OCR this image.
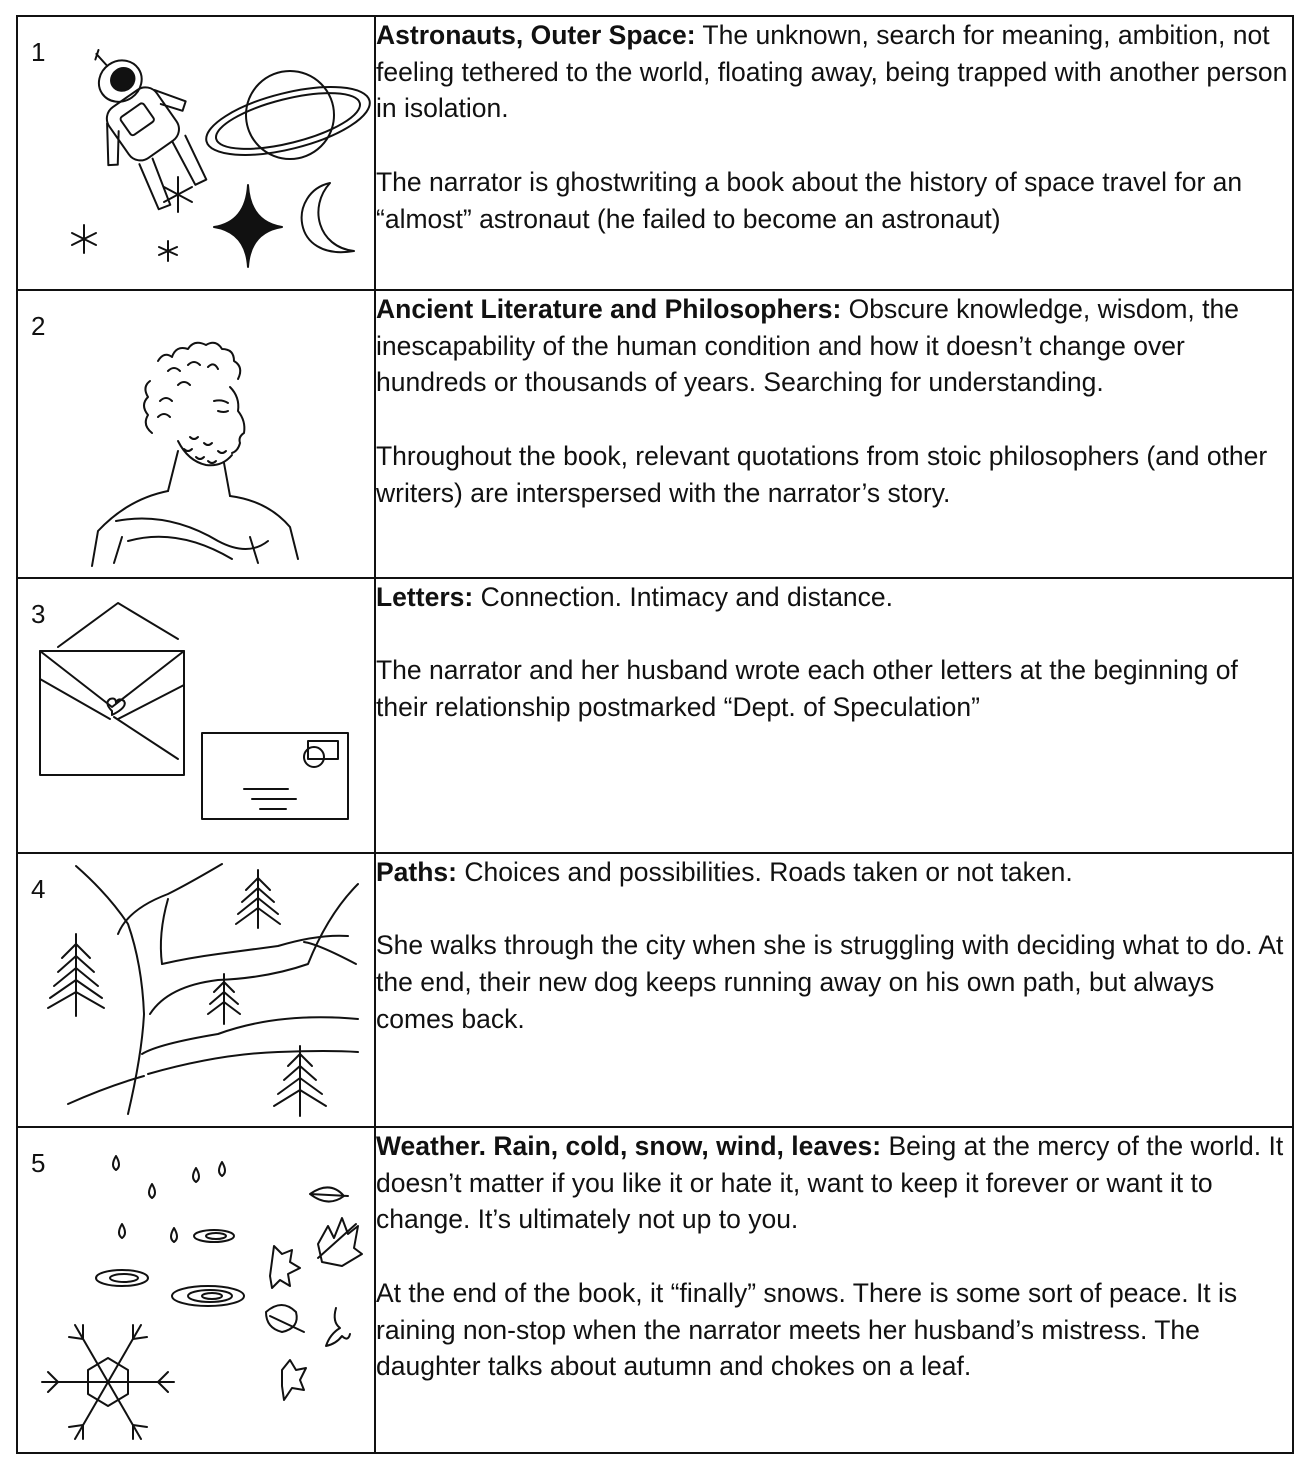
1	Astronauts, Outer Space: The unknown, search for meaning, ambition, not feeling tethered to the world, floating away, being trapped with another person in isolation.

The narrator is ghostwriting a book about the history of space travel for an “almost” astronaut (he failed to become an astronaut)

2	Ancient Literature and Philosophers: Obscure knowledge, wisdom, the inescapability of the human condition and how it doesn’t change over hundreds or thousands of years. Searching for understanding.

Throughout the book, relevant quotations from stoic philosophers (and other writers) are interspersed with the narrator’s story.

3	Letters: Connection. Intimacy and distance.

The narrator and her husband wrote each other letters at the beginning of their relationship postmarked “Dept. of Speculation”

4	Paths: Choices and possibilities. Roads taken or not taken.

She walks through the city when she is struggling with deciding what to do. At the end, their new dog keeps running away on his own path, but always comes back.

5	Weather. Rain, cold, snow, wind, leaves: Being at the mercy of the world. It doesn’t matter if you like it or hate it, want to keep it forever or want it to change. It’s ultimately not up to you.

At the end of the book, it “finally” snows. There is some sort of peace. It is raining non-stop when the narrator meets her husband’s mistress. The daughter talks about autumn and chokes on a leaf.
